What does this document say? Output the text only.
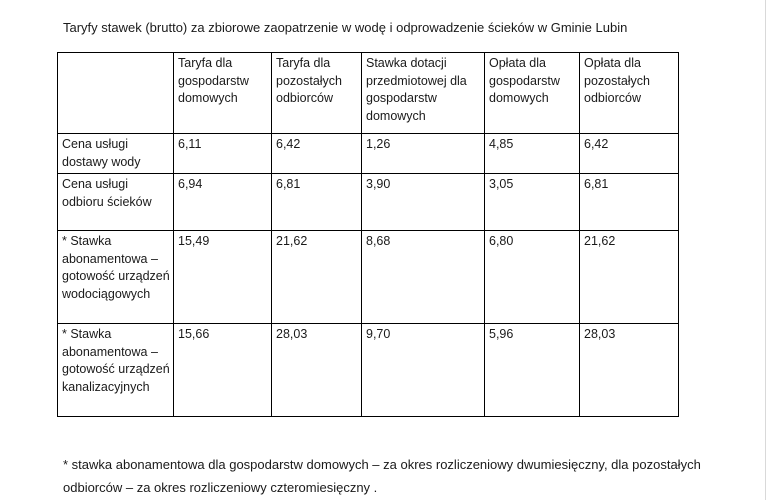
Taryfy stawek (brutto) za zbiorowe zaopatrzenie w wodę i odprowadzenie ścieków w Gminie Lubin

	Taryfa dla gospodarstw domowych	Taryfa dla pozostałych odbiorców	Stawka dotacji przedmiotowej dla gospodarstw domowych	Opłata dla gospodarstw domowych	Opłata dla pozostałych odbiorców
Cena usługi dostawy wody	6,11	6,42	1,26	4,85	6,42
Cena usługi odbioru ścieków	6,94	6,81	3,90	3,05	6,81
* Stawka abonamentowa – gotowość urządzeń wodociągowych	15,49	21,62	8,68	6,80	21,62
* Stawka abonamentowa – gotowość urządzeń kanalizacyjnych	15,66	28,03	9,70	5,96	28,03

* stawka abonamentowa dla gospodarstw domowych – za okres rozliczeniowy dwumiesięczny, dla pozostałych odbiorców – za okres rozliczeniowy czteromiesięczny .
